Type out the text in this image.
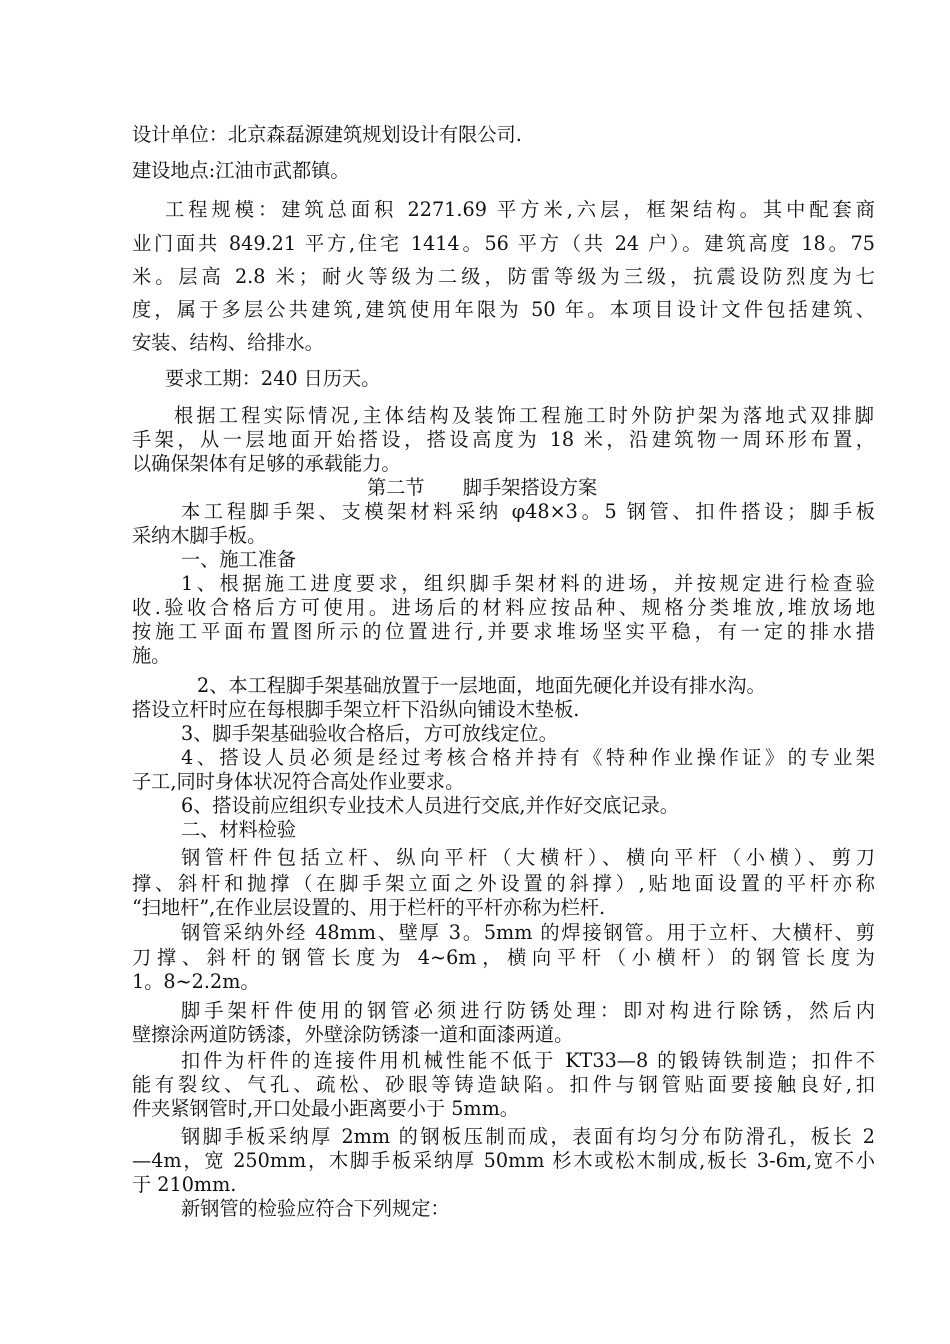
设计单位：北京森磊源建筑规划设计有限公司.
建设地点:江油市武都镇。
工程规模：建筑总面积 2271.69 平方米,六层，框架结构。其中配套商
业门面共 849.21 平方,住宅 1414。56 平方（共 24 户）。建筑高度 18。75
米。层高 2.8 米；耐火等级为二级，防雷等级为三级，抗震设防烈度为七
度，属于多层公共建筑,建筑使用年限为 50 年。本项目设计文件包括建筑、
安装、结构、给排水。
要求工期：240 日历天。
根据工程实际情况,主体结构及装饰工程施工时外防护架为落地式双排脚
手架，从一层地面开始搭设，搭设高度为 18 米，沿建筑物一周环形布置，
以确保架体有足够的承载能力。
第二节　　脚手架搭设方案
本工程脚手架、支模架材料采纳 φ48×3。5 钢管、扣件搭设；脚手板
采纳木脚手板。
一、施工准备
1、根据施工进度要求，组织脚手架材料的进场，并按规定进行检查验
收.验收合格后方可使用。进场后的材料应按品种、规格分类堆放,堆放场地
按施工平面布置图所示的位置进行,并要求堆场坚实平稳，有一定的排水措
施。
2、本工程脚手架基础放置于一层地面，地面先硬化并设有排水沟。
搭设立杆时应在每根脚手架立杆下沿纵向铺设木垫板.
3、脚手架基础验收合格后，方可放线定位。
4、搭设人员必须是经过考核合格并持有《特种作业操作证》的专业架
子工,同时身体状况符合高处作业要求。
6、搭设前应组织专业技术人员进行交底,并作好交底记录。
二、材料检验
钢管杆件包括立杆、纵向平杆（大横杆）、横向平杆（小横）、剪刀
撑、斜杆和抛撑（在脚手架立面之外设置的斜撑）,贴地面设置的平杆亦称
“扫地杆”,在作业层设置的、用于栏杆的平杆亦称为栏杆.
钢管采纳外经 48mm、壁厚 3。5mm 的焊接钢管。用于立杆、大横杆、剪
刀撑、斜杆的钢管长度为 4~6m，横向平杆（小横杆）的钢管长度为
1。8~2.2m。
脚手架杆件使用的钢管必须进行防锈处理：即对构进行除锈，然后内
壁擦涂两道防锈漆，外壁涂防锈漆一道和面漆两道。
扣件为杆件的连接件用机械性能不低于 KT33—8 的锻铸铁制造；扣件不
能有裂纹、气孔、疏松、砂眼等铸造缺陷。扣件与钢管贴面要接触良好,扣
件夹紧钢管时,开口处最小距离要小于 5mm。
钢脚手板采纳厚 2mm 的钢板压制而成，表面有均匀分布防滑孔，板长 2
—4m，宽 250mm，木脚手板采纳厚 50mm 杉木或松木制成,板长 3-6m,宽不小
于 210mm.
新钢管的检验应符合下列规定：
